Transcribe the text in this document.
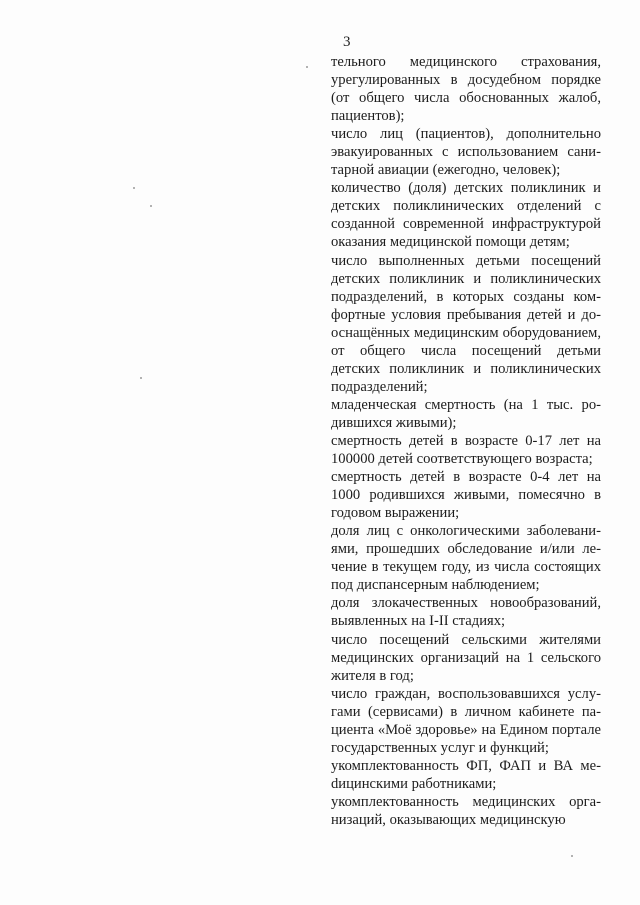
3

тельного медицинского страхования, урегулированных в досудебном порядке (от общего числа обоснованных жалоб, пациентов);

число лиц (пациентов), дополнительно эвакуированных с использованием санитарной авиации (ежегодно, человек);

количество (доля) детских поликлиник и детских поликлинических отделений с созданной современной инфраструктурой оказания медицинской помощи детям;

число выполненных детьми посещений детских поликлиник и поликлинических подразделений, в которых созданы комфортные условия пребывания детей и дооснащённых медицинским оборудованием, от общего числа посещений детьми детских поликлиник и поликлинических подразделений;

младенческая смертность (на 1 тыс. родившихся живыми);

смертность детей в возрасте 0-17 лет на 100000 детей соответствующего возраста;

смертность детей в возрасте 0-4 лет на 1000 родившихся живыми, помесячно в годовом выражении;

доля лиц с онкологическими заболеваниями, прошедших обследование и/или лечение в текущем году, из числа состоящих под диспансерным наблюдением;

доля злокачественных новообразований, выявленных на I-II стадиях;

число посещений сельскими жителями медицинских организаций на 1 сельского жителя в год;

число граждан, воспользовавшихся услугами (сервисами) в личном кабинете пациента «Моё здоровье» на Едином портале государственных услуг и функций;

укомплектованность ФП, ФАП и ВА меdицинскими работниками;

укомплектованность медицинских организаций, оказывающих медицинскую
